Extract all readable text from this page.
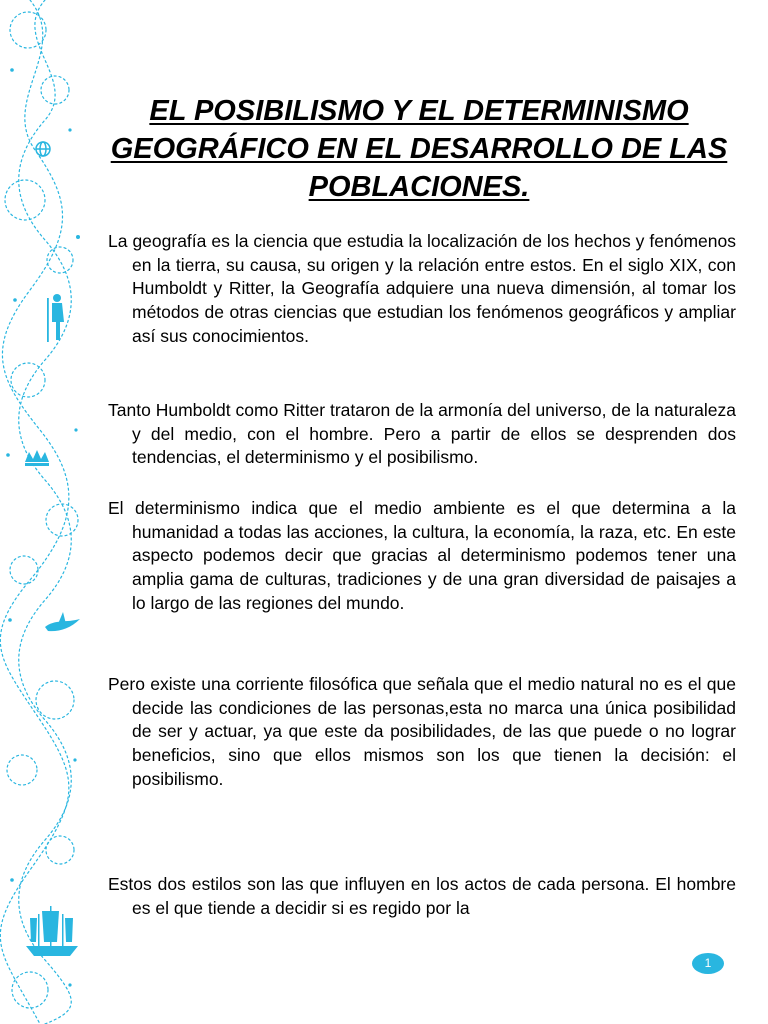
EL POSIBILISMO Y EL DETERMINISMO GEOGRÁFICO EN EL DESARROLLO DE LAS POBLACIONES.

La geografía es la ciencia que estudia la localización de los hechos y fenómenos en la tierra, su causa, su origen y la relación entre estos. En el siglo XIX, con Humboldt y Ritter, la Geografía adquiere una nueva dimensión, al tomar los métodos de otras ciencias que estudian los fenómenos geográficos y ampliar así sus conocimientos.

Tanto Humboldt como Ritter trataron de la armonía del universo, de la naturaleza y del medio, con el hombre. Pero a partir de ellos se desprenden dos tendencias, el determinismo y el posibilismo.

El determinismo indica que el medio ambiente es el que determina a la humanidad a todas las acciones, la cultura, la economía, la raza, etc. En este aspecto podemos decir que gracias al determinismo podemos tener una amplia gama de culturas, tradiciones y de una gran diversidad de paisajes a lo largo de las regiones del mundo.

Pero existe una corriente filosófica que señala que el medio natural no es el que decide las condiciones de las personas,esta no marca una única posibilidad de ser y actuar, ya que este da posibilidades, de las que puede o no lograr beneficios, sino que ellos mismos son los que tienen la decisión: el posibilismo.

Estos dos estilos son las que influyen en los actos de cada persona. El hombre es el que tiende a decidir si es regido por la

1
